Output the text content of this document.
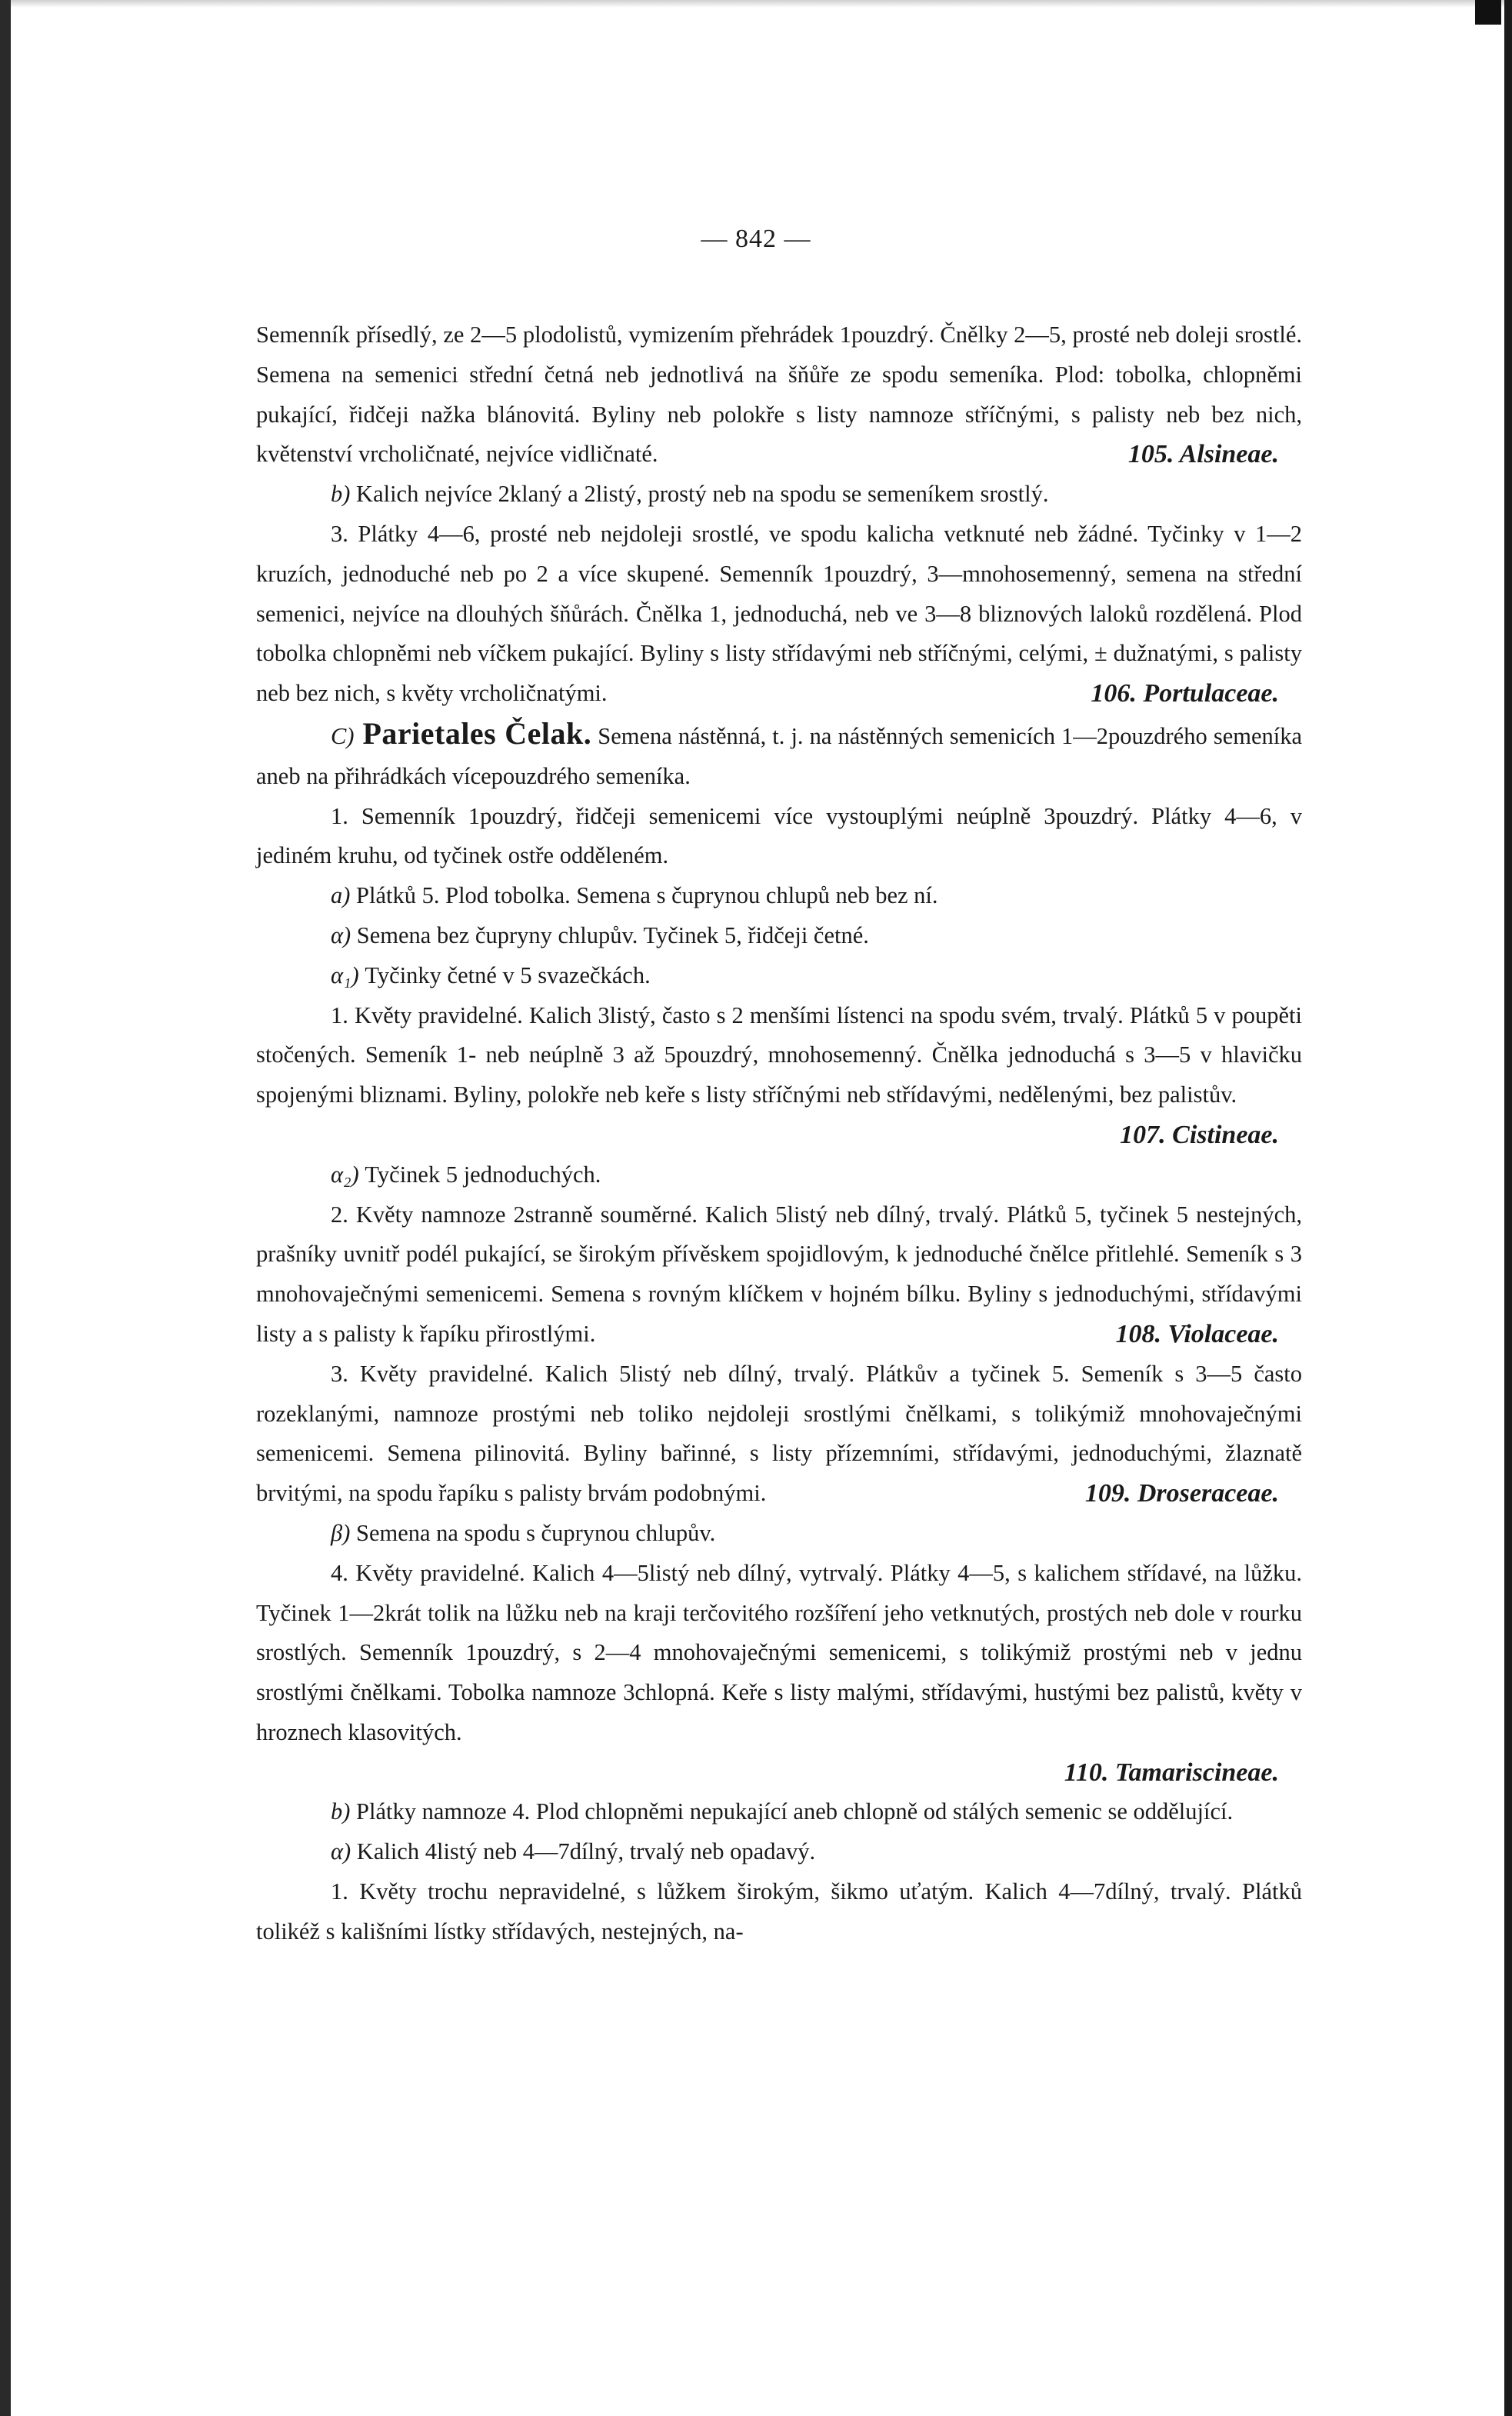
— 842 —

Semenník přísedlý, ze 2—5 plodolistů, vymizením přehrádek 1pouzdrý. Čnělky 2—5, prosté neb doleji srostlé. Semena na semenici střední četná neb jednotlivá na šňůře ze spodu semeníka. Plod: tobolka, chlopněmi pukající, řidčeji nažka blánovitá. Byliny neb polokře s listy namnoze stříčnými, s palisty neb bez nich, květenství vrcholičnaté, nejvíce vidličnaté.	105. Alsineae.

b) Kalich nejvíce 2klaný a 2listý, prostý neb na spodu se semeníkem srostlý.

3. Plátky 4—6, prosté neb nejdoleji srostlé, ve spodu kalicha vetknuté neb žádné. Tyčinky v 1—2 kruzích, jednoduché neb po 2 a více skupené. Semenník 1pouzdrý, 3—mnohosemenný, semena na střední semenici, nejvíce na dlouhých šňůrách. Čnělka 1, jednoduchá, neb ve 3—8 bliznových laloků rozdělená. Plod tobolka chlopněmi neb víčkem pukající. Byliny s listy střídavými neb stříčnými, celými, ± dužnatými, s palisty neb bez nich, s květy vrcholičnatými.	106. Portulaceae.

C) Parietales Čelak. Semena nástěnná, t. j. na nástěnných semenicích 1—2pouzdrého semeníka aneb na přihrádkách vícepouzdrého semeníka.

1. Semenník 1pouzdrý, řidčeji semenicemi více vystouplými neúplně 3pouzdrý. Plátky 4—6, v jediném kruhu, od tyčinek ostře odděleném.

a) Plátků 5. Plod tobolka. Semena s čuprynou chlupů neb bez ní.

α) Semena bez čupryny chlupův. Tyčinek 5, řidčeji četné.

α₁) Tyčinky četné v 5 svazečkách.

1. Květy pravidelné. Kalich 3listý, často s 2 menšími lístenci na spodu svém, trvalý. Plátků 5 v poupěti stočených. Semeník 1- neb neúplně 3 až 5pouzdrý, mnohosemenný. Čnělka jednoduchá s 3—5 v hlavičku spojenými bliznami. Byliny, polokře neb keře s listy stříčnými neb střídavými, nedělenými, bez palistův.
107. Cistineae.

α₂) Tyčinek 5 jednoduchých.

2. Květy namnoze 2stranně souměrné. Kalich 5listý neb dílný, trvalý. Plátků 5, tyčinek 5 nestejných, prašníky uvnitř podél pukající, se širokým přívěskem spojidlovým, k jednoduché čnělce přitlehlé. Semeník s 3 mnohovaječnými semenicemi. Semena s rovným klíčkem v hojném bílku. Byliny s jednoduchými, střídavými listy a s palisty k řapíku přirostlými.	108. Violaceae.

3. Květy pravidelné. Kalich 5listý neb dílný, trvalý. Plátkův a tyčinek 5. Semeník s 3—5 často rozeklanými, namnoze prostými neb toliko nejdoleji srostlými čnělkami, s tolikýmiž mnohovaječnými semenicemi. Semena pilinovitá. Byliny bařinné, s listy přízemními, střídavými, jednoduchými, žlaznatě brvitými, na spodu řapíku s palisty brvám podobnými.	109. Droseraceae.

β) Semena na spodu s čuprynou chlupův.

4. Květy pravidelné. Kalich 4—5listý neb dílný, vytrvalý. Plátky 4—5, s kalichem střídavé, na lůžku. Tyčinek 1—2krát tolik na lůžku neb na kraji terčovitého rozšíření jeho vetknutých, prostých neb dole v rourku srostlých. Semenník 1pouzdrý, s 2—4 mnohovaječnými semenicemi, s tolikýmiž prostými neb v jednu srostlými čnělkami. Tobolka namnoze 3chlopná. Keře s listy malými, střídavými, hustými bez palistů, květy v hroznech klasovitých.
110. Tamariscineae.

b) Plátky namnoze 4. Plod chlopněmi nepukající aneb chlopně od stálých semenic se oddělující.

α) Kalich 4listý neb 4—7dílný, trvalý neb opadavý.

1. Květy trochu nepravidelné, s lůžkem širokým, šikmo uťatým. Kalich 4—7dílný, trvalý. Plátků tolikéž s kališními lístky střídavých, nestejných, na-
